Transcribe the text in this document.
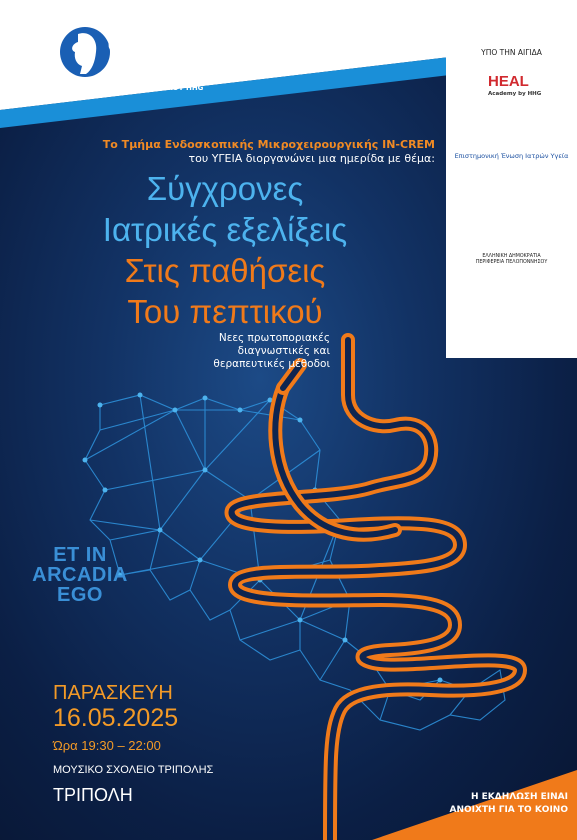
υγεια
Με ευθύνη για τη ζωή
ΜΕΛΟΣ ΤΟΥ ΟΜΙΛΟΥ HHG
ΥΠΟ ΤΗΝ ΑΙΓΙΔΑ
HEAL
Academy by HHG
Επιστημονική Ένωση Ιατρών Υγεία
ΕΛΛΗΝΙΚΗ ΔΗΜΟΚΡΑΤΙΑ
ΠΕΡΙΦΕΡΕΙΑ ΠΕΛΟΠΟΝΝΗΣΟΥ
Το Τμήμα Ενδοσκοπικής Μικροχειρουργικής IN-CREM
του ΥΓΕΙΑ διοργανώνει μια ημερίδα με θέμα:
Σύγχρονες
Ιατρικές εξελίξεις
Στις παθήσεις
Του πεπτικού
Νεες πρωτοποριακές
διαγνωστικές και
θεραπευτικές μέθοδοι
ET IN
ARCADIA
EGO
ΠΑΡΑΣΚΕΥΗ
16.05.2025
Ώρα 19:30 – 22:00
ΜΟΥΣΙΚΟ ΣΧΟΛΕΙΟ ΤΡΙΠΟΛΗΣ
ΤΡΙΠΟΛΗ	Η ΕΚΔΗΛΩΣΗ ΕΙΝΑΙ
ΑΝΟΙΧΤΗ ΓΙΑ ΤΟ ΚΟΙΝΟ
